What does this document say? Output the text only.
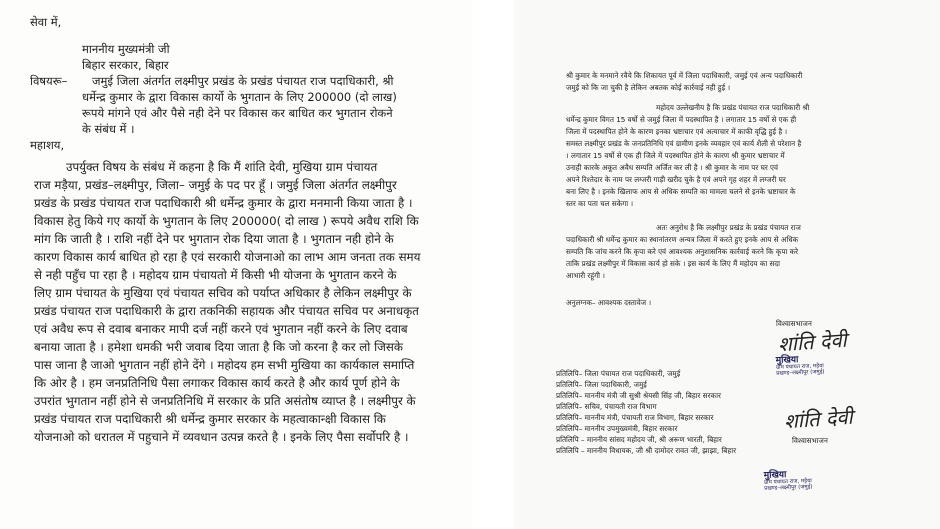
सेवा में,
माननीय मुख्यमंत्री जी
बिहार सरकार, बिहार
विषयरू– जमुई जिला अंतर्गत लक्ष्मीपुर प्रखंड के प्रखंड पंचायत राज पदाधिकारी, श्री
धर्मेन्द्र कुमार के द्वारा विकास कार्यो के भुगतान के लिए 200000 (दो लाख)
रूपये मांगने एवं और पैसे नही देने पर विकास कर बाधित कर भुगतान रोकने
के संबंध में ।
महाशय,
उपर्युक्त विषय के संबंध में कहना है कि मैं शांति देवी, मुखिया ग्राम पंचायत
राज मड़ैया, प्रखंड–लक्ष्मीपुर, जिला– जमुई के पद पर हूँ । जमुई जिला अंतर्गत लक्ष्मीपुर
प्रखंड के प्रखंड पंचायत राज पदाधिकारी श्री धर्मेन्द्र कुमार के द्वारा मनमानी किया जाता है ।
विकास हेतु किये गए कार्यो के भुगतान के लिए 200000( दो लाख ) रूपये अवैध राशि कि
मांग कि जाती है । राशि नहीं देने पर भुगतान रोक दिया जाता है । भुगतान नही होने के
कारण विकास कार्य बाधित हो रहा है एवं सरकारी योजनाओ का लाभ आम जनता तक समय
से नही पहुँच पा रहा है । महोदय ग्राम पंचायतो में किसी भी योजना के भुगतान करने के
लिए ग्राम पंचायत के मुखिया एवं पंचायत सचिव को पर्याप्त अधिकार है लेकिन लक्ष्मीपुर के
प्रखंड पंचायत राज पदाधिकारी के द्वारा तकनिकी सहायक और पंचायत सचिव पर अनाधकृत
एवं अवैध रूप से दवाब बनाकर मापी दर्ज नहीं करने एवं भुगतान नहीं करने के लिए दवाब
बनाया जाता है । हमेशा धमकी भरी जवाब दिया जाता है कि जो करना है कर लो जिसके
पास जाना है जाओ भुगतान नहीं होने देंगे । महोदय हम सभी मुखिया का कार्यकाल समाप्ति
कि ओर है । हम जनप्रतिनिधि पैसा लगाकर विकास कार्य करते है और कार्य पूर्ण होने के
उपरांत भुगतान नहीं होने से जनप्रतिनिधि में सरकार के प्रति असंतोष व्याप्त है । लक्ष्मीपुर के
प्रखंड पंचायत राज पदाधिकारी श्री धर्मेन्द्र कुमार सरकार के महत्वाकान्क्षी विकास कि
योजनाओ को धरातल में पहुचाने में व्यवधान उत्पन्न करते है । इनके लिए पैसा सर्वोपरि है ।
श्री कुमार के मनमाने रवैये कि शिकायत पूर्व में जिला पदाधिकारी, जमुई एवं अन्य पदाधिकारी
जमुई को कि जा चुकी है लेकिन अबतक कोई कार्रवाई नही हुई ।
महोदय उल्लेखनीय है कि प्रखंड पंचायत राज पदाधिकारी श्री
धर्मेन्द्र कुमार विगत 15 वर्षो से जमुई जिला में पदस्थापित है । लगातार 15 वर्षो से एक ही
जिला में पदस्थापित होने के कारण इनका भ्रष्टाचार एवं अत्याचार में काफी वृद्धि हुई है ।
समस्त लक्ष्मीपुर प्रखंड के जनप्रतिनिधि एवं ग्रामीण इनके व्यवहार एवं कार्य शैली से परेशान है
। लगातार 15 वर्षो से एक ही जिले में पदस्थापित होने के कारण श्री कुमार भ्रष्टाचार में
उनाही कारके अकूत अवैध सम्पति अर्जित कर ली है । श्री कुमार के नाम पर घर एवं
अपने रिश्तेदार के नाम पर लग्जरी गाड़ी खरीद चुके है एवं अपने गृह शहर में लग्जरी घर
बना लिए है । इनके खिलाफ आय से अधिक सम्पति का मामला चलने से इनके भ्रष्टाचार के
स्तर का पता चल सकेगा ।
अतः अनुरोध है कि लक्ष्मीपुर प्रखंड के प्रखंड पंचायत राज
पदाधिकारी श्री धर्मेन्द्र कुमार का स्थानांतरण अन्यत्र जिला में करते हुए इनके आय से अधिक
सम्पति कि जांच करने कि कृपा करे एवं आवश्यक अनुशासनिक कार्रवाई करने कि कृपा करे
ताकि प्रखंड लक्ष्मीपुर में विकास कार्य हो सके । इस कार्य के लिए मैं महोदय का सदा
आभारी रहूंगी ।
अनुलग्नक– आवश्यक दस्तावेज ।
विश्वासभाजन
शांति देवी
मुखिया
ग्राम पंचायत राज, मड़ैया
प्रखण्ड–लक्ष्मीपुर (जमुई)
प्रतिलिपि– जिला पंचायत राज पदाधिकारी, जमुई
प्रतिलिपि– जिला पदाधिकारी, जमुई
प्रतिलिपि– माननीय मंत्री जी सुश्री श्रेयसी सिंह जी, बिहार सरकार
प्रतिलिपि– सचिव, पंचायती राज विभाग
प्रतिलिपि– माननीय मंत्री, पंचायती राज विभाग, बिहार सरकार
प्रतिलिपि– माननीय उपमुख्यमंत्री, बिहार सरकार
प्रतिलिपि – माननीय सांसद महोदय जी, श्री अरूण भारती, बिहार
प्रतिलिपि – माननीय विधायक, जी श्री दामोदर रावत जी, झाझा, बिहार
शांति देवी
विश्वासभाजन
मुखिया
ग्राम पंचायत राज, मड़ैया
प्रखण्ड–लक्ष्मीपुर (जमुई)
